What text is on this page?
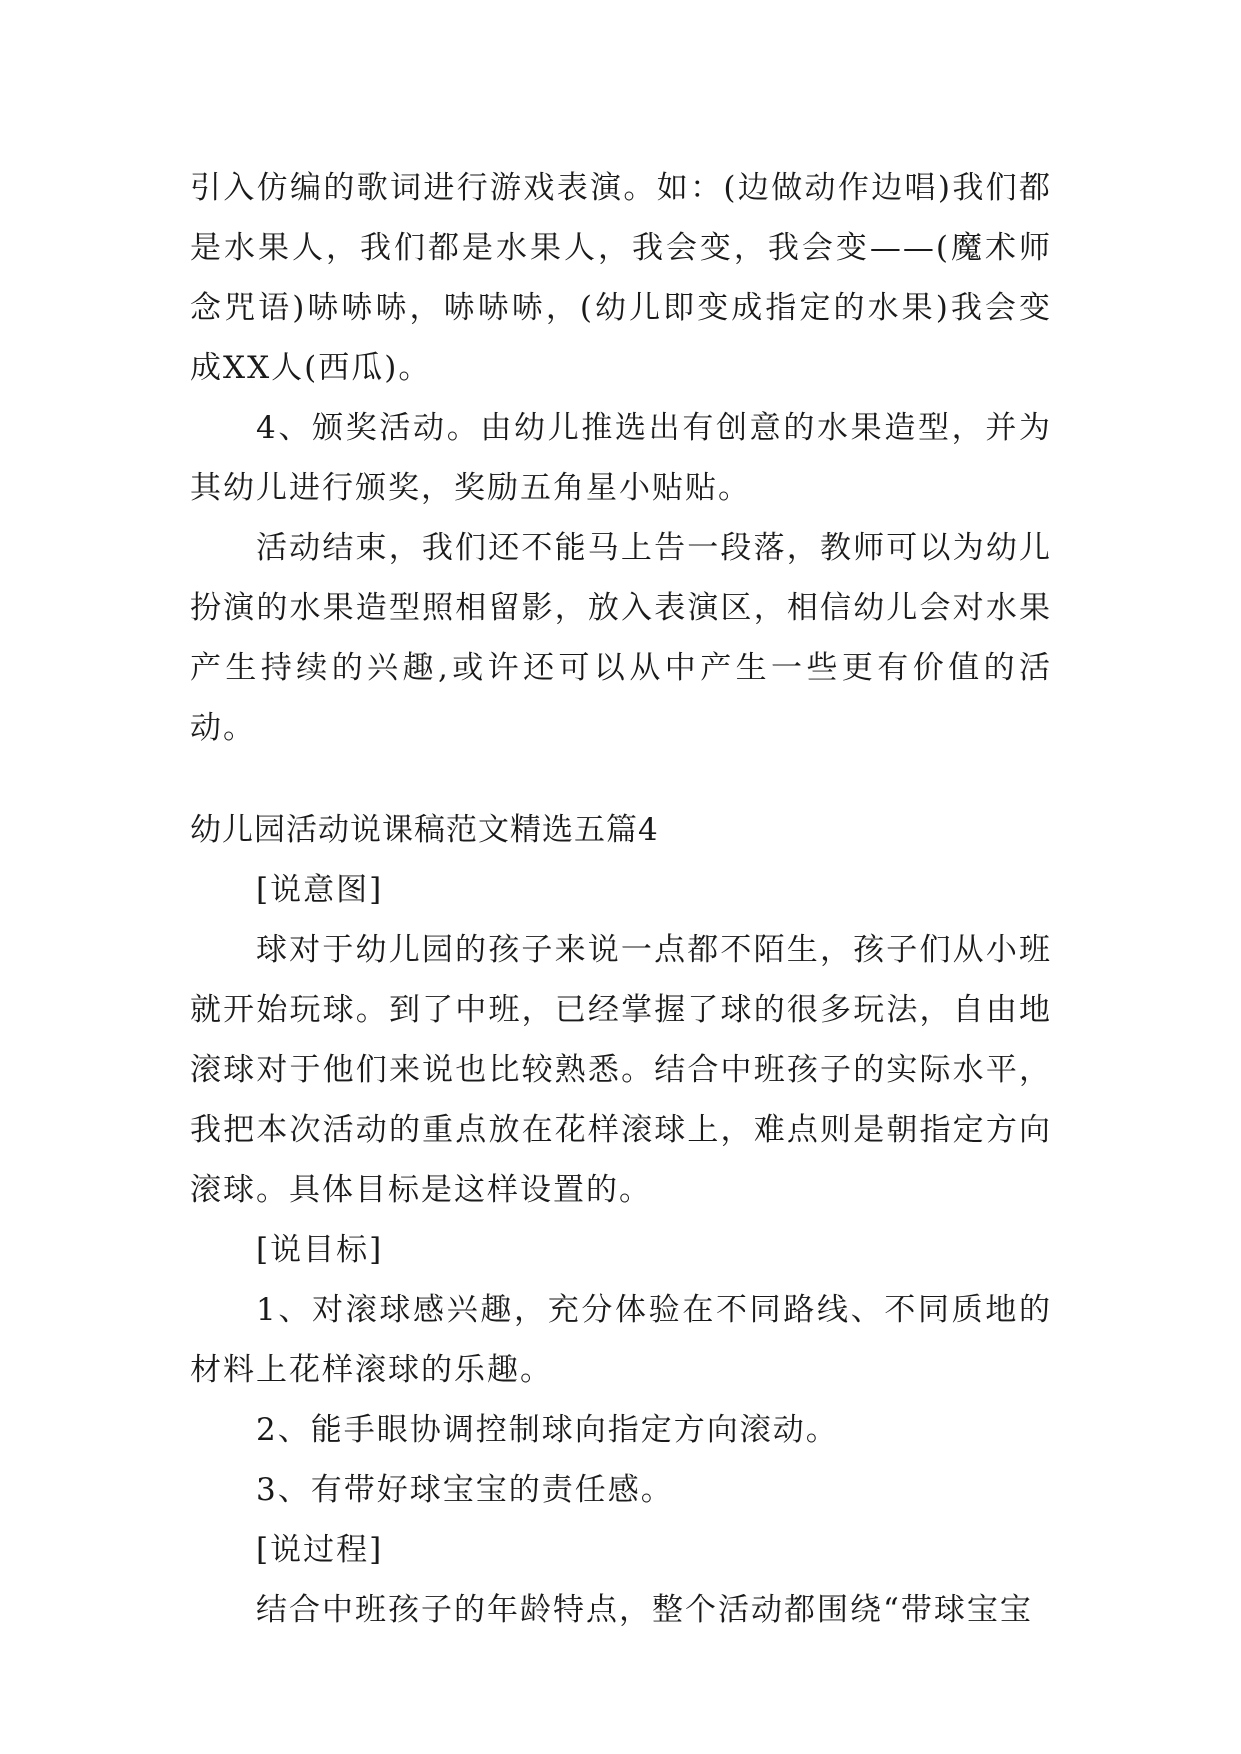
引入仿编的歌词进行游戏表演。如：(边做动作边唱)我们都是水果人，我们都是水果人，我会变，我会变——(魔术师念咒语)哧哧哧，哧哧哧，(幼儿即变成指定的水果)我会变成XX人(西瓜)。

4、颁奖活动。由幼儿推选出有创意的水果造型，并为其幼儿进行颁奖，奖励五角星小贴贴。

活动结束，我们还不能马上告一段落，教师可以为幼儿扮演的水果造型照相留影，放入表演区，相信幼儿会对水果产生持续的兴趣,或许还可以从中产生一些更有价值的活动。

幼儿园活动说课稿范文精选五篇4

[说意图]

球对于幼儿园的孩子来说一点都不陌生，孩子们从小班就开始玩球。到了中班，已经掌握了球的很多玩法，自由地滚球对于他们来说也比较熟悉。结合中班孩子的实际水平，我把本次活动的重点放在花样滚球上，难点则是朝指定方向滚球。具体目标是这样设置的。

[说目标]

1、对滚球感兴趣，充分体验在不同路线、不同质地的材料上花样滚球的乐趣。

2、能手眼协调控制球向指定方向滚动。

3、有带好球宝宝的责任感。

[说过程]

结合中班孩子的年龄特点，整个活动都围绕“带球宝宝
